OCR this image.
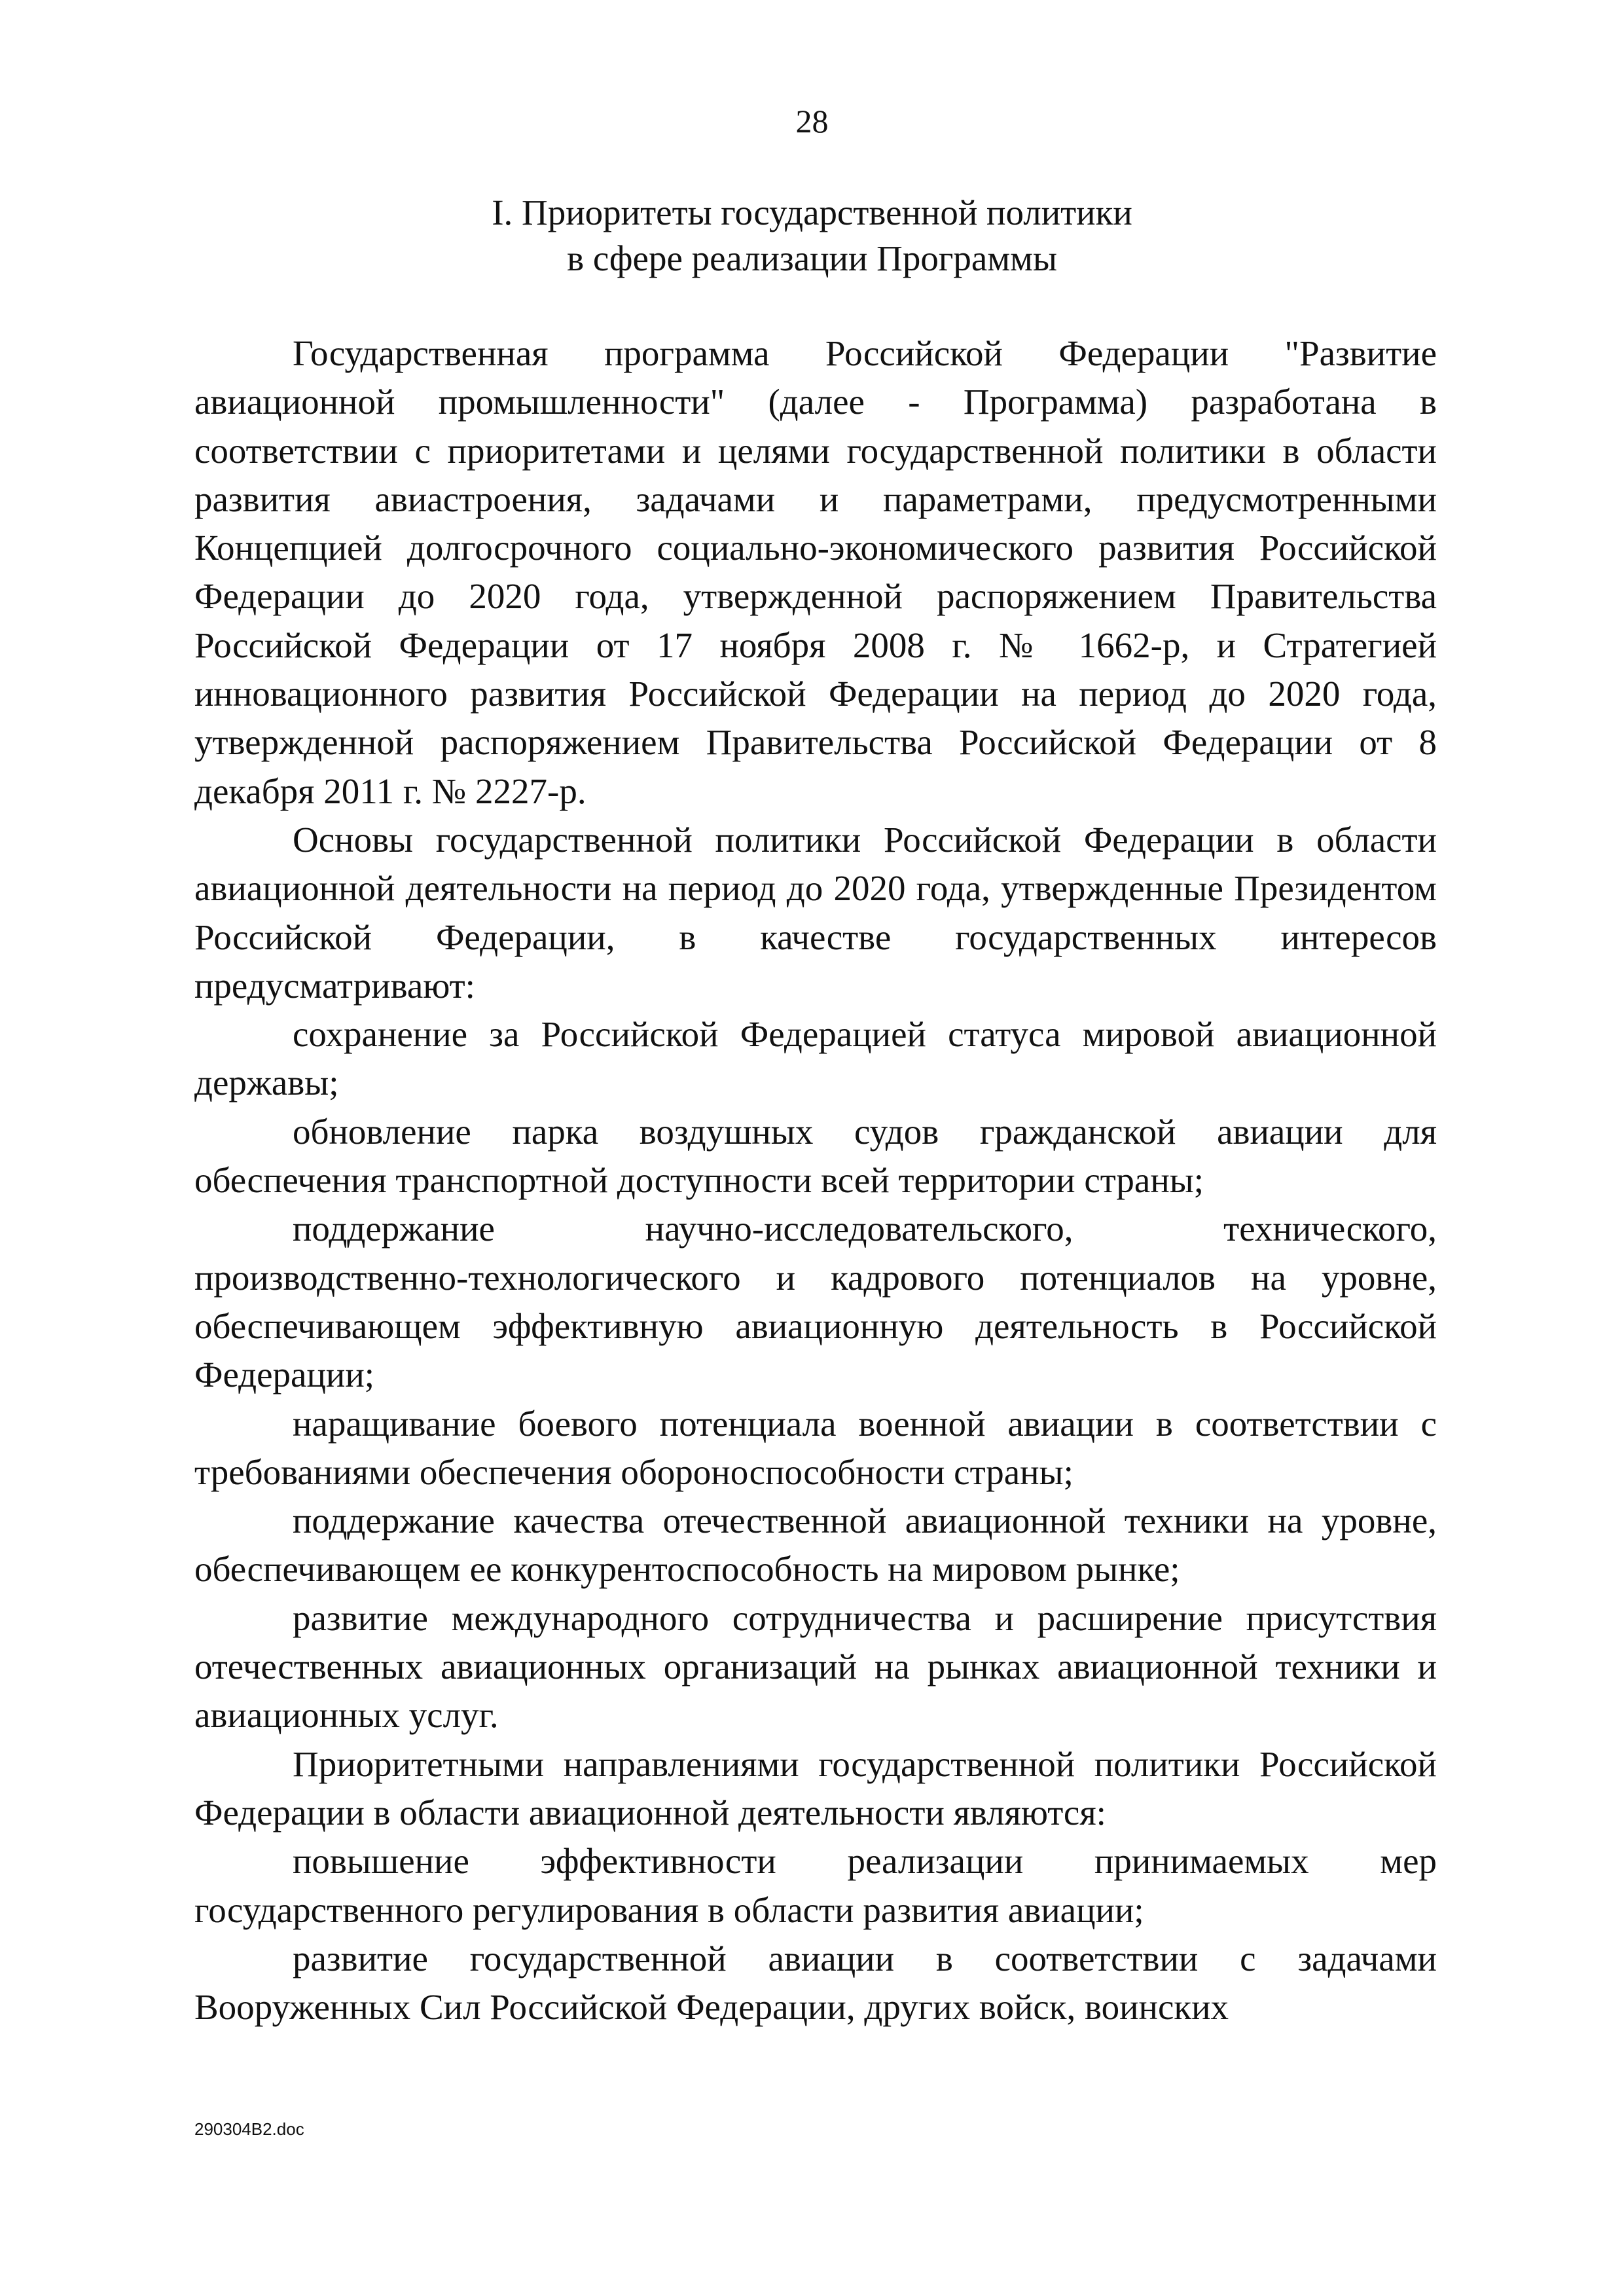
28
I. Приоритеты государственной политики
в сфере реализации Программы

Государственная программа Российской Федерации "Развитие авиационной промышленности" (далее - Программа) разработана в соответствии с приоритетами и целями государственной политики в области развития авиастроения, задачами и параметрами, предусмотренными Концепцией долгосрочного социально-экономического развития Российской Федерации до 2020 года, утвержденной распоряжением Правительства Российской Федерации от 17 ноября 2008 г. № 1662-р, и Стратегией инновационного развития Российской Федерации на период до 2020 года, утвержденной распоряжением Правительства Российской Федерации от 8 декабря 2011 г. № 2227-р.

Основы государственной политики Российской Федерации в области авиационной деятельности на период до 2020 года, утвержденные Президентом Российской Федерации, в качестве государственных интересов предусматривают:

сохранение за Российской Федерацией статуса мировой авиационной державы;

обновление парка воздушных судов гражданской авиации для обеспечения транспортной доступности всей территории страны;

поддержание научно-исследовательского, технического, производственно-технологического и кадрового потенциалов на уровне, обеспечивающем эффективную авиационную деятельность в Российской Федерации;

наращивание боевого потенциала военной авиации в соответствии с требованиями обеспечения обороноспособности страны;

поддержание качества отечественной авиационной техники на уровне, обеспечивающем ее конкурентоспособность на мировом рынке;

развитие международного сотрудничества и расширение присутствия отечественных авиационных организаций на рынках авиационной техники и авиационных услуг.

Приоритетными направлениями государственной политики Российской Федерации в области авиационной деятельности являются:

повышение эффективности реализации принимаемых мер государственного регулирования в области развития авиации;

развитие государственной авиации в соответствии с задачами Вооруженных Сил Российской Федерации, других войск, воинских

290304B2.doc
